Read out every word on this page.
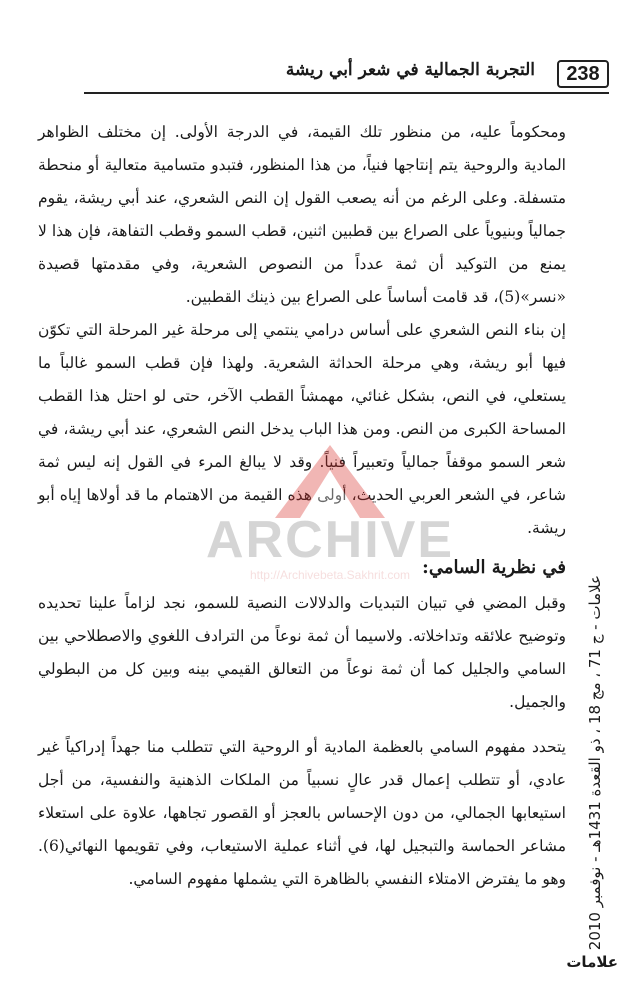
238
التجربة الجمالية في شعر أبي ريشة

ومحكوماً عليه، من منظور تلك القيمة، في الدرجة الأولى. إن مختلف الظواهر المادية والروحية يتم إنتاجها فنياً، من هذا المنظور، فتبدو متسامية متعالية أو منحطة متسفلة. وعلى الرغم من أنه يصعب القول إن النص الشعري، عند أبي ريشة، يقوم جمالياً وبنيوياً على الصراع بين قطبين اثنين، قطب السمو وقطب التفاهة، فإن هذا لا يمنع من التوكيد أن ثمة عدداً من النصوص الشعرية، وفي مقدمتها قصيدة «نسر»(5)، قد قامت أساساً على الصراع بين ذينك القطبين.

إن بناء النص الشعري على أساس درامي ينتمي إلى مرحلة غير المرحلة التي تكوّن فيها أبو ريشة، وهي مرحلة الحداثة الشعرية. ولهذا فإن قطب السمو غالباً ما يستعلي، في النص، بشكل غنائي، مهمشاً القطب الآخر، حتى لو احتل هذا القطب المساحة الكبرى من النص. ومن هذا الباب يدخل النص الشعري، عند أبي ريشة، في شعر السمو موقفاً جمالياً وتعبيراً فنياً. وقد لا يبالغ المرء في القول إنه ليس ثمة شاعر، في الشعر العربي الحديث، أولى هذه القيمة من الاهتمام ما قد أولاها إياه أبو ريشة.

في نظرية السامي:

وقبل المضي في تبيان التبديات والدلالات النصية للسمو، نجد لزاماً علينا تحديده وتوضيح علائقه وتداخلاته. ولاسيما أن ثمة نوعاً من الترادف اللغوي والاصطلاحي بين السامي والجليل كما أن ثمة نوعاً من التعالق القيمي بينه وبين كل من البطولي والجميل.

يتحدد مفهوم السامي بالعظمة المادية أو الروحية التي تتطلب منا جهداً إدراكياً غير عادي، أو تتطلب إعمال قدر عالٍ نسبياً من الملكات الذهنية والنفسية، من أجل استيعابها الجمالي، من دون الإحساس بالعجز أو القصور تجاهها، علاوة على استعلاء مشاعر الحماسة والتبجيل لها، في أثناء عملية الاستيعاب، وفي تقويمها النهائي(6). وهو ما يفترض الامتلاء النفسي بالظاهرة التي يشملها مفهوم السامي.

ARCHIVE
http://Archivebeta.Sakhrit.com
علامات - ج 71 ، مج 18 ، ذو القعدة 1431هـ - نوفمبر 2010
علامات
